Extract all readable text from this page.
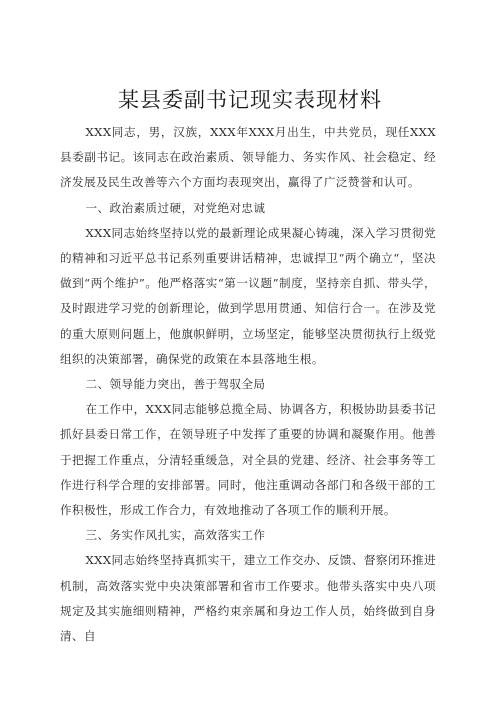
某县委副书记现实表现材料

XXX同志，男，汉族，XXX年XXX月出生，中共党员，现任XXX县委副书记。该同志在政治素质、领导能力、务实作风、社会稳定、经济发展及民生改善等六个方面均表现突出，赢得了广泛赞誉和认可。

一、政治素质过硬，对党绝对忠诚

XXX同志始终坚持以党的最新理论成果凝心铸魂，深入学习贯彻党的精神和习近平总书记系列重要讲话精神，忠诚捍卫“两个确立“，坚决做到“两个维护”。他严格落实“第一议题”制度，坚持亲自抓、带头学，及时跟进学习党的创新理论，做到学思用贯通、知信行合一。在涉及党的重大原则问题上，他旗帜鲜明，立场坚定，能够坚决贯彻执行上级党组织的决策部署，确保党的政策在本县落地生根。

二、领导能力突出，善于驾驭全局

在工作中，XXX同志能够总揽全局、协调各方，积极协助县委书记抓好县委日常工作，在领导班子中发挥了重要的协调和凝聚作用。他善于把握工作重点，分清轻重缓急，对全县的党建、经济、社会事务等工作进行科学合理的安排部署。同时，他注重调动各部门和各级干部的工作积极性，形成工作合力，有效地推动了各项工作的顺利开展。

三、务实作风扎实，高效落实工作

XXX同志始终坚持真抓实干，建立工作交办、反馈、督察闭环推进机制，高效落实党中央决策部署和省市工作要求。他带头落实中央八项规定及其实施细则精神，严格约束亲属和身边工作人员，始终做到自身清、自
